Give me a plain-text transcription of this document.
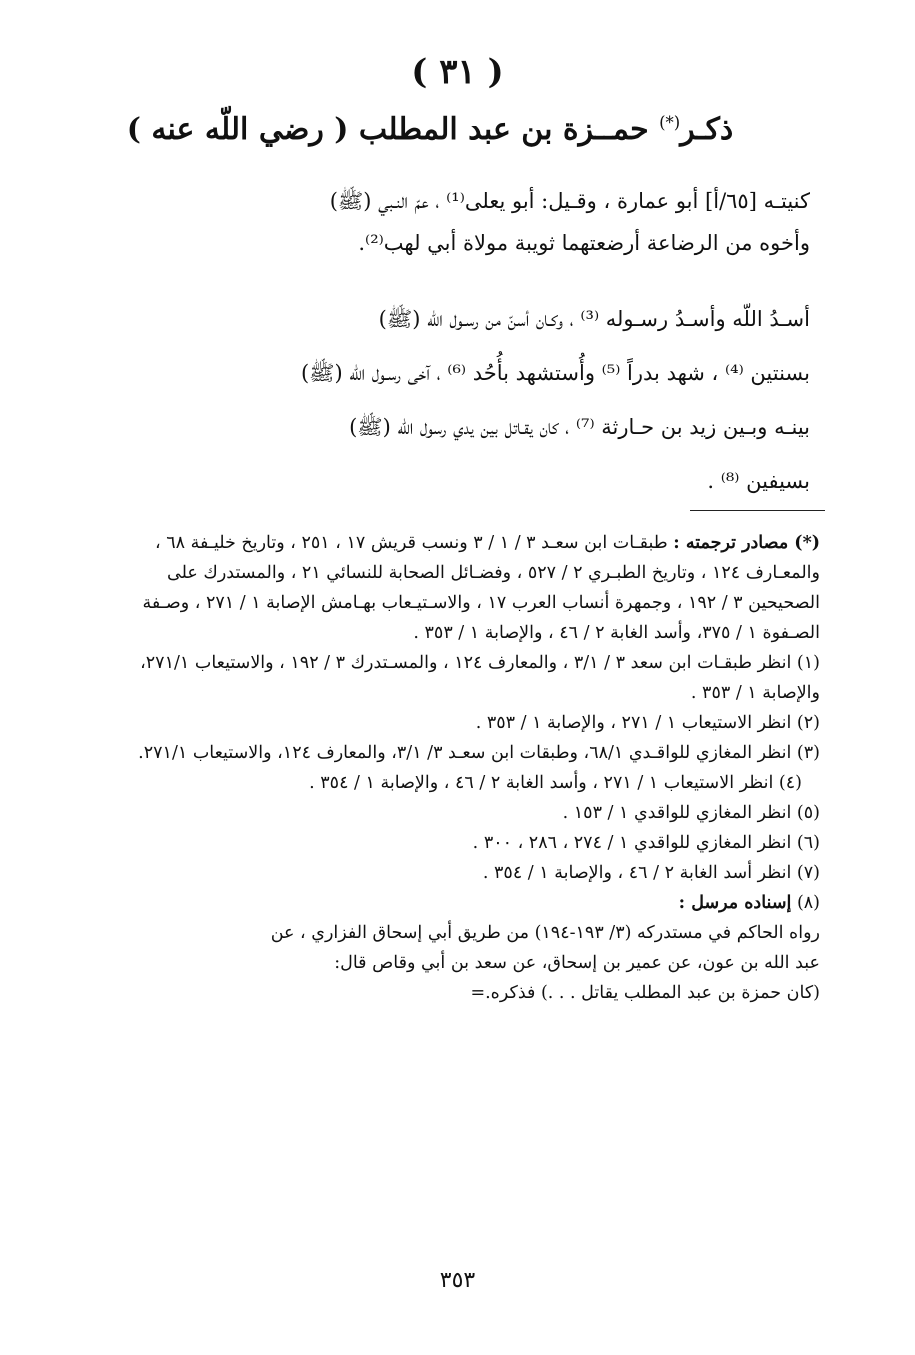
( ٣١ )
ذكـر(*) حمــزة بن عبد المطلب ( رضي اللّه عنه )
كنيتـه [٦٥/أ] أبو عمارة ، وقـيل: أبو يعلى⁽¹⁾ ، عمّ النـبي (ﷺ)
وأخوه من الرضاعة أرضعتهما ثويبة مولاة أبي لهب⁽²⁾.
أسـدُ اللّه وأسـدُ رسـوله ⁽³⁾ ، وكـان أسنّ من رسـول اللّه (ﷺ)
بسنتين ⁽⁴⁾ ، شهد بدراً ⁽⁵⁾ وأُستشهد بأُحُد ⁽⁶⁾ ، آخى رسـول اللّه (ﷺ)
بينـه وبـين زيد بن حـارثة ⁽⁷⁾ ، كان يقـاتل بين يدي رسول اللّه (ﷺ)
بسيفين ⁽⁸⁾ .

(*) مصادر ترجمته : طبقـات ابن سعـد ٣ / ١ / ٣ ونسب قريش ١٧ ، ٢٥١ ، وتاريخ خليـفة ٦٨ ، والمعـارف ١٢٤ ، وتاريخ الطبـري ٢ / ٥٢٧ ، وفضـائل الصحابة للنسائي ٢١ ، والمستدرك على الصحيحين ٣ / ١٩٢ ، وجمهرة أنساب العرب ١٧ ، والاسـتيـعاب بهـامش الإصابة ١ / ٢٧١ ، وصـفة الصـفوة ١ / ٣٧٥، وأسد الغابة ٢ / ٤٦ ، والإصابة ١ / ٣٥٣ .

(١) انظر طبقـات ابن سعد ٣ / ٣/١ ، والمعارف ١٢٤ ، والمسـتدرك ٣ / ١٩٢ ، والاستيعاب ٢٧١/١، والإصابة ١ / ٣٥٣ .

(٢) انظر الاستيعاب ١ / ٢٧١ ، والإصابة ١ / ٣٥٣ .

(٣) انظر المغازي للواقـدي ٦٨/١، وطبقات ابن سعـد ٣/ ٣/١، والمعارف ١٢٤، والاستيعاب ٢٧١/١.

(٤) انظر الاستيعاب ١ / ٢٧١ ، وأسد الغابة ٢ / ٤٦ ، والإصابة ١ / ٣٥٤ .

(٥) انظر المغازي للواقدي ١ / ١٥٣ .

(٦) انظر المغازي للواقدي ١ / ٢٧٤ ، ٢٨٦ ، ٣٠٠ .

(٧) انظر أسد الغابة ٢ / ٤٦ ، والإصابة ١ / ٣٥٤ .

(٨) إسناده مرسل :

رواه الحاكم في مستدركه (٣/ ١٩٣-١٩٤) من طريق أبي إسحاق الفزاري ، عن

عبد الله بن عون، عن عمير بن إسحاق، عن سعد بن أبي وقاص قال:

(كان حمزة بن عبد المطلب يقاتل . . .) فذكره.=

٣٥٣
